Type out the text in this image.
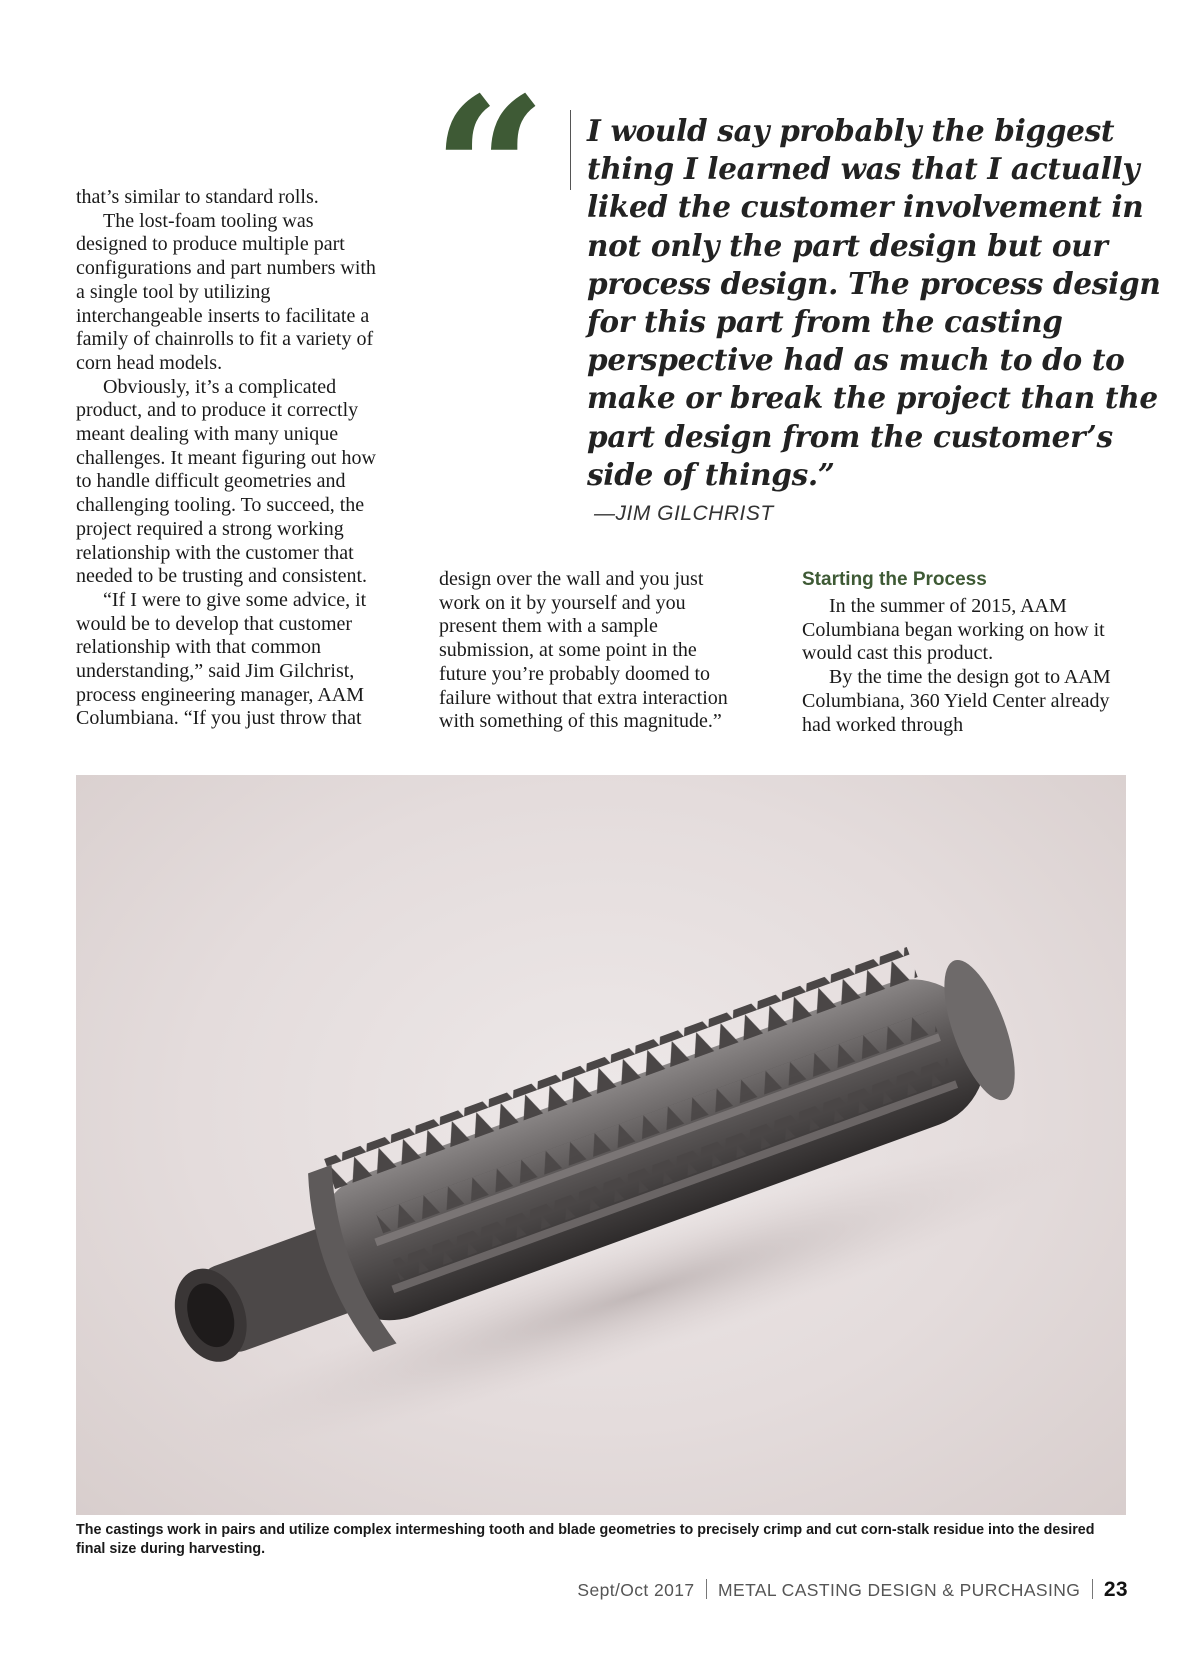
that’s similar to standard rolls.

The lost-foam tooling was designed to produce multiple part configurations and part numbers with a single tool by utilizing interchangeable inserts to facilitate a family of chainrolls to fit a variety of corn head models.

Obviously, it’s a complicated product, and to produce it correctly meant dealing with many unique challenges. It meant figuring out how to handle difficult geometries and challenging tooling. To succeed, the project required a strong working relationship with the customer that needed to be trusting and consistent.

“If I were to give some advice, it would be to develop that customer relationship with that common understanding,” said Jim Gilchrist, process engineering manager, AAM Columbiana. “If you just throw that

“	I would say probably the biggest thing I learned was that I actually liked the customer involvement in not only the part design but our process design. The process design for this part from the casting perspective had as much to do to make or break the project than the part design from the customer’s side of things.”
—JIM GILCHRIST

design over the wall and you just work on it by yourself and you present them with a sample submission, at some point in the future you’re probably doomed to failure without that extra interaction with something of this magnitude.”

Starting the Process

In the summer of 2015, AAM Columbiana began working on how it would cast this product.

By the time the design got to AAM Columbiana, 360 Yield Center already had worked through

The castings work in pairs and utilize complex intermeshing tooth and blade geometries to precisely crimp and cut corn-stalk residue into the desired final size during harvesting.
Sept/Oct 2017 METAL CASTING DESIGN & PURCHASING 23
